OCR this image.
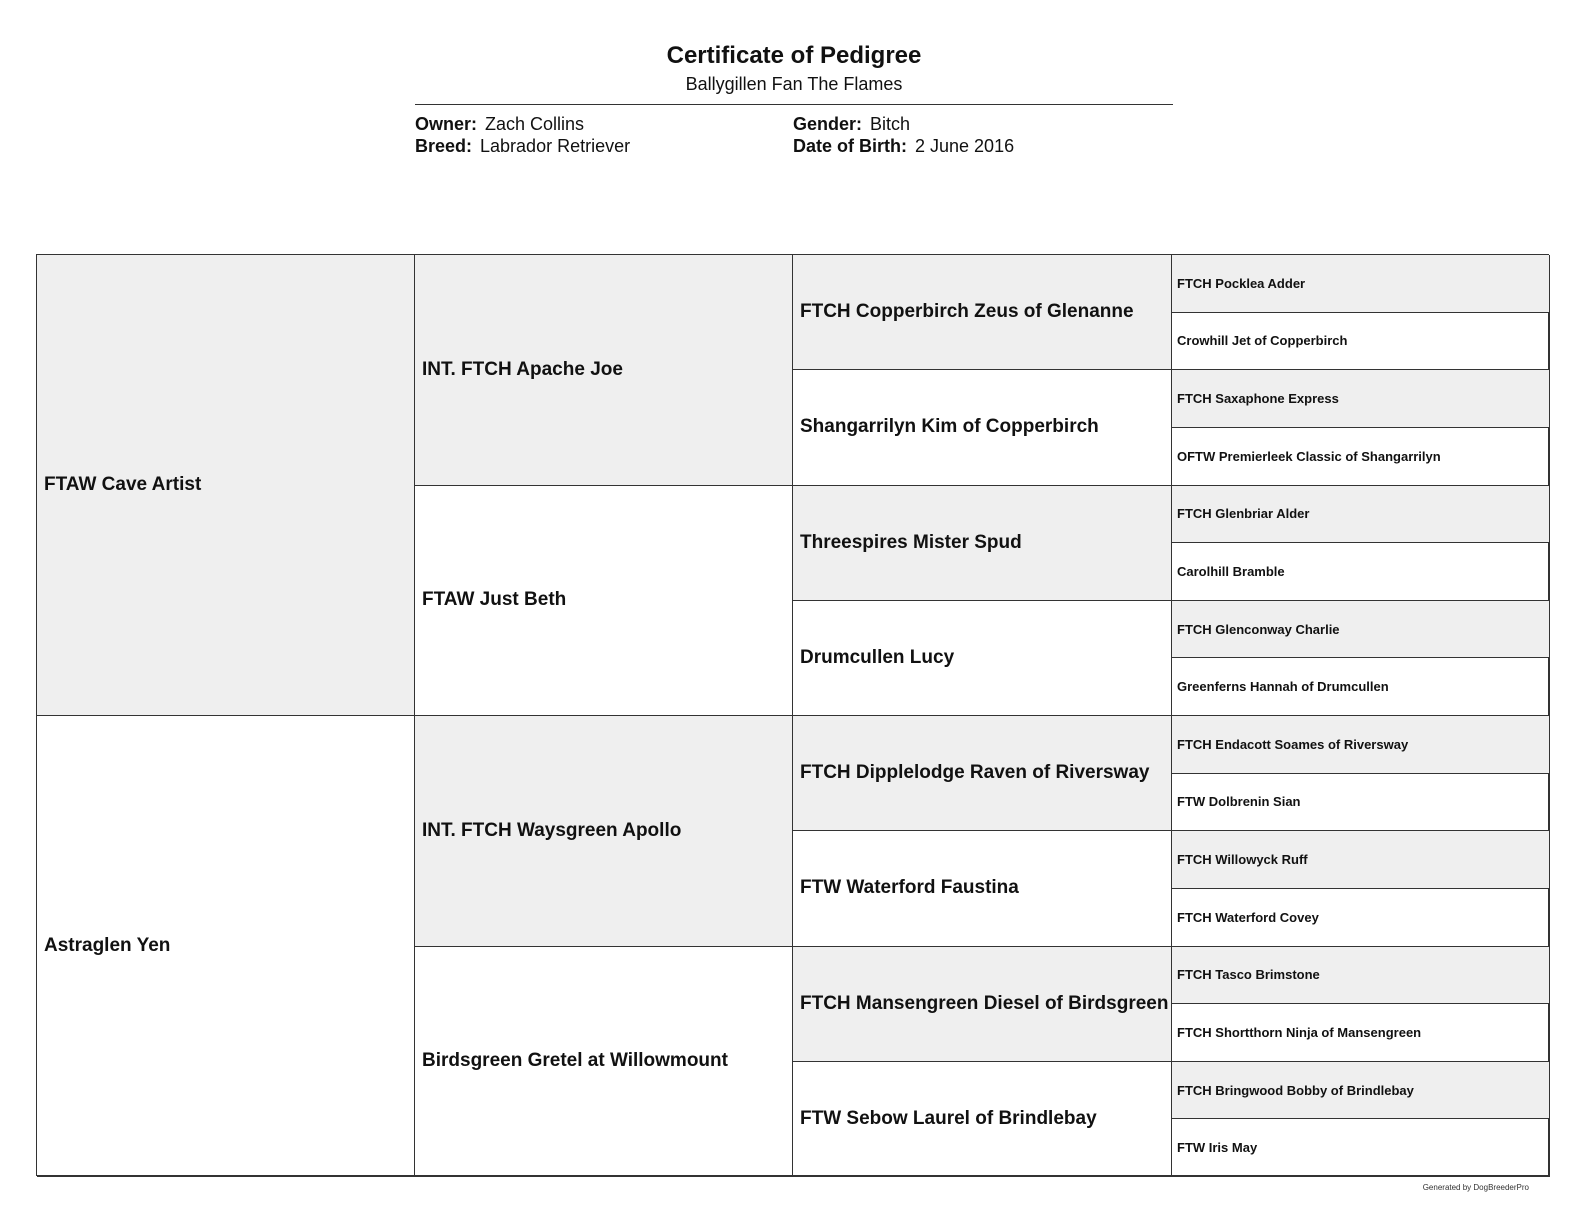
Certificate of Pedigree
Ballygillen Fan The Flames
Owner: Zach Collins
Breed: Labrador Retriever
Gender: Bitch
Date of Birth: 2 June 2016
FTAW Cave Artist
Astraglen Yen
INT. FTCH Apache Joe
FTAW Just Beth
INT. FTCH Waysgreen Apollo
Birdsgreen Gretel at Willowmount
FTCH Copperbirch Zeus of Glenanne
Shangarrilyn Kim of Copperbirch
Threespires Mister Spud
Drumcullen Lucy
FTCH Dipplelodge Raven of Riversway
FTW Waterford Faustina
FTCH Mansengreen Diesel of Birdsgreen
FTW Sebow Laurel of Brindlebay
FTCH Pocklea Adder
Crowhill Jet of Copperbirch
FTCH Saxaphone Express
OFTW Premierleek Classic of Shangarrilyn
FTCH Glenbriar Alder
Carolhill Bramble
FTCH Glenconway Charlie
Greenferns Hannah of Drumcullen
FTCH Endacott Soames of Riversway
FTW Dolbrenin Sian
FTCH Willowyck Ruff
FTCH Waterford Covey
FTCH Tasco Brimstone
FTCH Shortthorn Ninja of Mansengreen
FTCH Bringwood Bobby of Brindlebay
FTW Iris May
Generated by DogBreederPro
